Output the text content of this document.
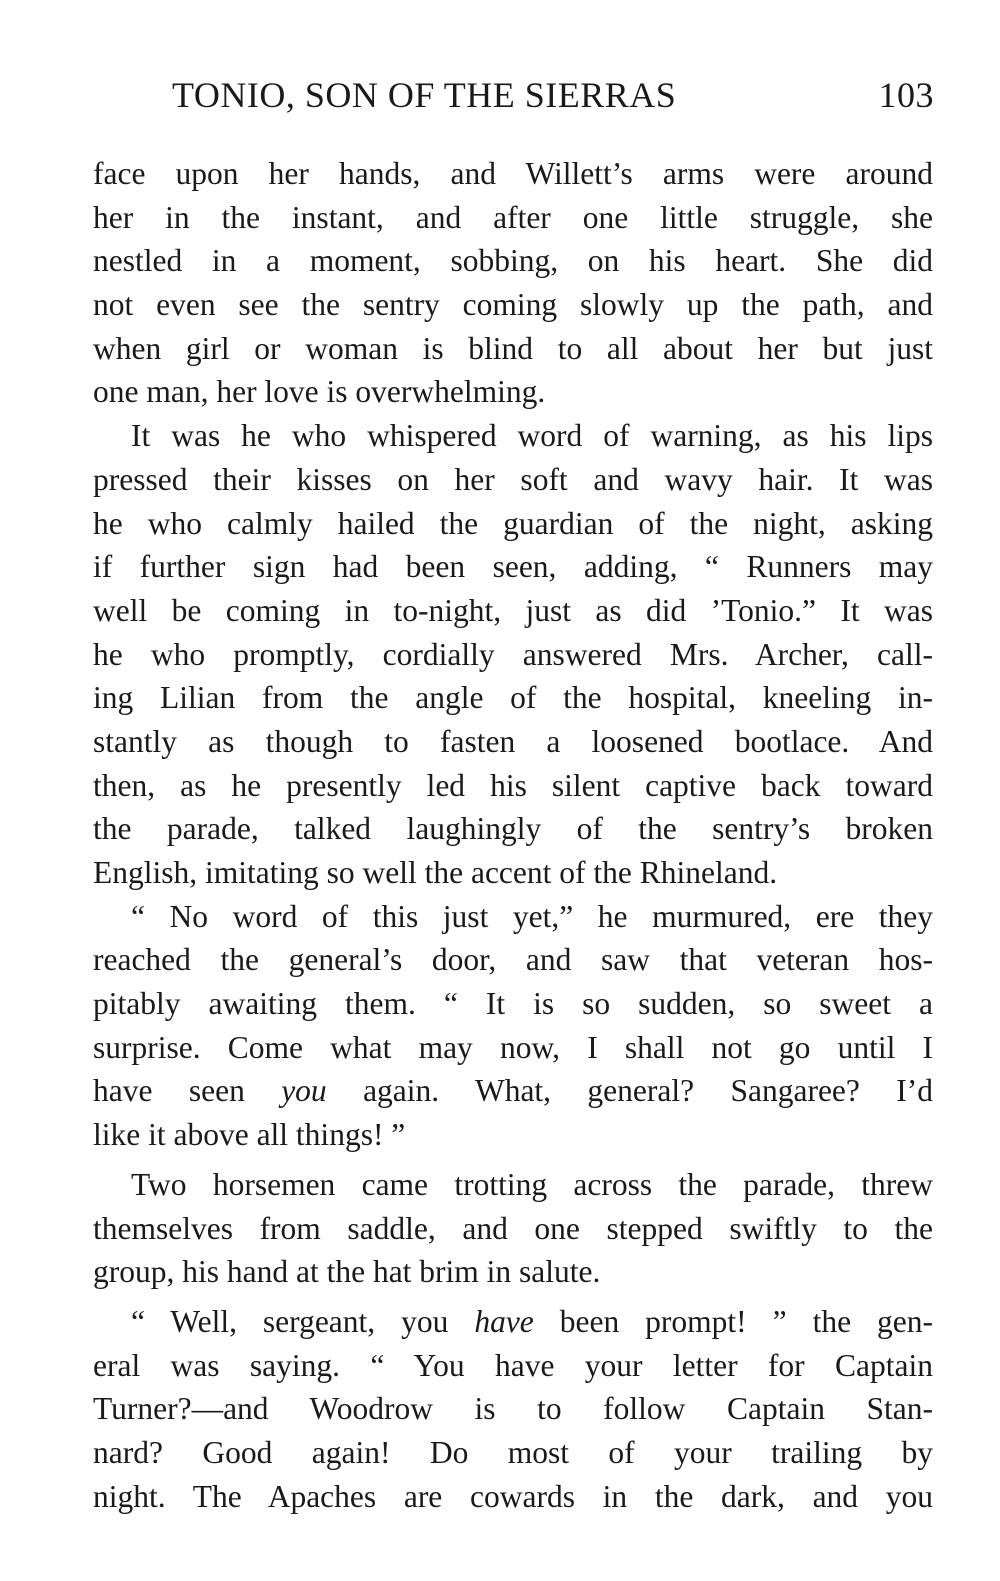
TONIO, SON OF THE SIERRAS	103
face upon her hands, and Willett’s arms were around
her in the instant, and after one little struggle, she
nestled in a moment, sobbing, on his heart. She did
not even see the sentry coming slowly up the path, and
when girl or woman is blind to all about her but just
one man, her love is overwhelming.
It was he who whispered word of warning, as his lips
pressed their kisses on her soft and wavy hair. It was
he who calmly hailed the guardian of the night, asking
if further sign had been seen, adding, “ Runners may
well be coming in to-night, just as did ’Tonio.” It was
he who promptly, cordially answered Mrs. Archer, call-
ing Lilian from the angle of the hospital, kneeling in-
stantly as though to fasten a loosened bootlace. And
then, as he presently led his silent captive back toward
the parade, talked laughingly of the sentry’s broken
English, imitating so well the accent of the Rhineland.
“ No word of this just yet,” he murmured, ere they
reached the general’s door, and saw that veteran hos-
pitably awaiting them. “ It is so sudden, so sweet a
surprise. Come what may now, I shall not go until I
have seen you again. What, general? Sangaree? I’d
like it above all things! ”
Two horsemen came trotting across the parade, threw
themselves from saddle, and one stepped swiftly to the
group, his hand at the hat brim in salute.
“ Well, sergeant, you have been prompt! ” the gen-
eral was saying. “ You have your letter for Captain
Turner?—and Woodrow is to follow Captain Stan-
nard? Good again! Do most of your trailing by
night. The Apaches are cowards in the dark, and you
